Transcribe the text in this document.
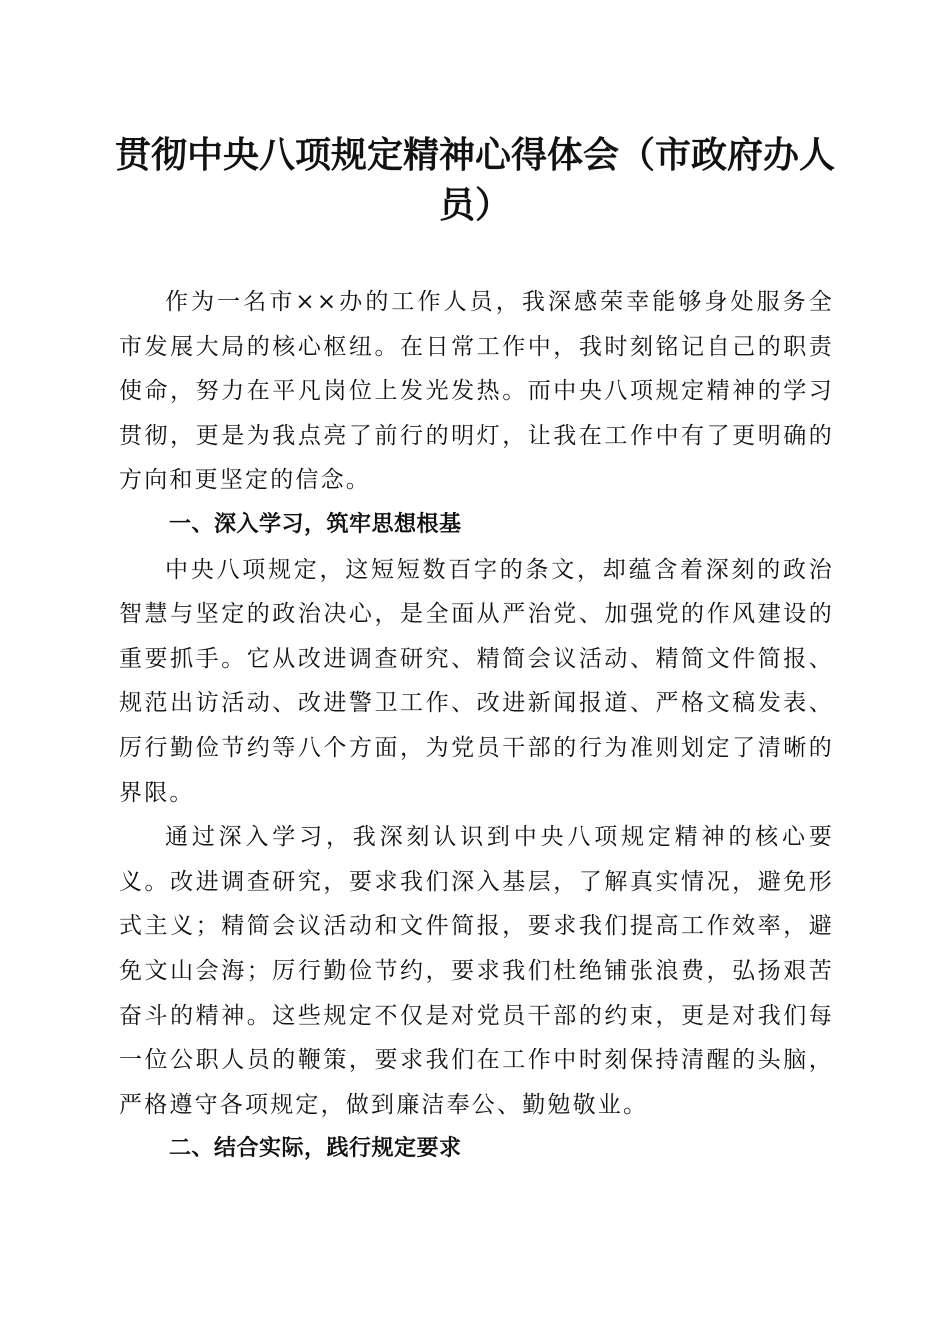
贯彻中央八项规定精神心得体会（市政府办人员）

作为一名市××办的工作人员，我深感荣幸能够身处服务全市发展大局的核心枢纽。在日常工作中，我时刻铭记自己的职责使命，努力在平凡岗位上发光发热。而中央八项规定精神的学习贯彻，更是为我点亮了前行的明灯，让我在工作中有了更明确的方向和更坚定的信念。

一、深入学习，筑牢思想根基

中央八项规定，这短短数百字的条文，却蕴含着深刻的政治智慧与坚定的政治决心，是全面从严治党、加强党的作风建设的重要抓手。它从改进调查研究、精简会议活动、精简文件简报、规范出访活动、改进警卫工作、改进新闻报道、严格文稿发表、厉行勤俭节约等八个方面，为党员干部的行为准则划定了清晰的界限。

通过深入学习，我深刻认识到中央八项规定精神的核心要义。改进调查研究，要求我们深入基层，了解真实情况，避免形式主义；精简会议活动和文件简报，要求我们提高工作效率，避免文山会海；厉行勤俭节约，要求我们杜绝铺张浪费，弘扬艰苦奋斗的精神。这些规定不仅是对党员干部的约束，更是对我们每一位公职人员的鞭策，要求我们在工作中时刻保持清醒的头脑，严格遵守各项规定，做到廉洁奉公、勤勉敬业。

二、结合实际，践行规定要求
